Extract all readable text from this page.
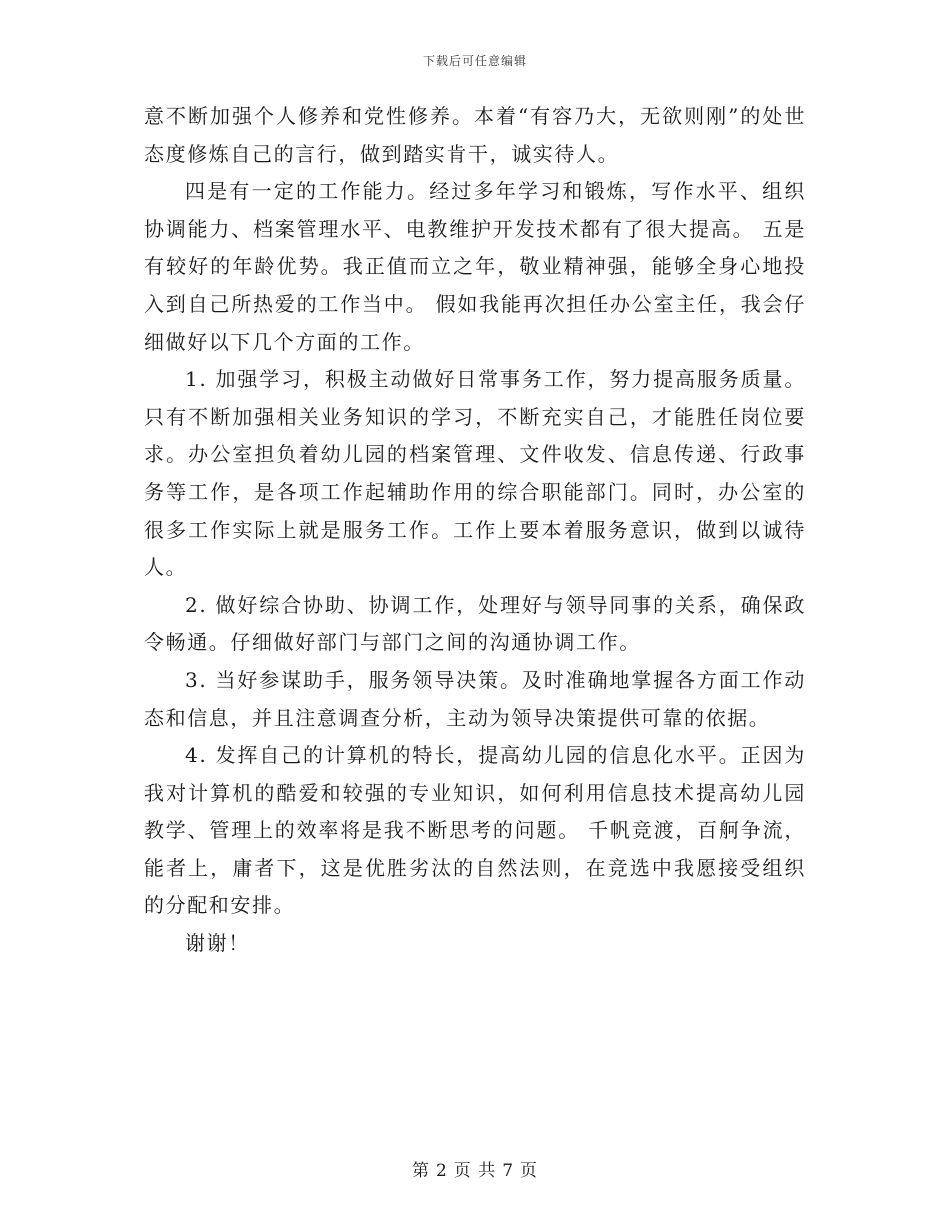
下载后可任意编辑

意不断加强个人修养和党性修养。本着“有容乃大，无欲则刚”的处世态度修炼自己的言行，做到踏实肯干，诚实待人。

四是有一定的工作能力。经过多年学习和锻炼，写作水平、组织协调能力、档案管理水平、电教维护开发技术都有了很大提高。 五是有较好的年龄优势。我正值而立之年，敬业精神强，能够全身心地投入到自己所热爱的工作当中。 假如我能再次担任办公室主任，我会仔细做好以下几个方面的工作。

1. 加强学习，积极主动做好日常事务工作，努力提高服务质量。只有不断加强相关业务知识的学习，不断充实自己，才能胜任岗位要求。办公室担负着幼儿园的档案管理、文件收发、信息传递、行政事务等工作，是各项工作起辅助作用的综合职能部门。同时，办公室的很多工作实际上就是服务工作。工作上要本着服务意识，做到以诚待人。

2. 做好综合协助、协调工作，处理好与领导同事的关系，确保政令畅通。仔细做好部门与部门之间的沟通协调工作。

3. 当好参谋助手，服务领导决策。及时准确地掌握各方面工作动态和信息，并且注意调查分析，主动为领导决策提供可靠的依据。

4. 发挥自己的计算机的特长，提高幼儿园的信息化水平。正因为我对计算机的酷爱和较强的专业知识，如何利用信息技术提高幼儿园教学、管理上的效率将是我不断思考的问题。 千帆竞渡，百舸争流，能者上，庸者下，这是优胜劣汰的自然法则，在竞选中我愿接受组织的分配和安排。

谢谢！

第 2 页 共 7 页
